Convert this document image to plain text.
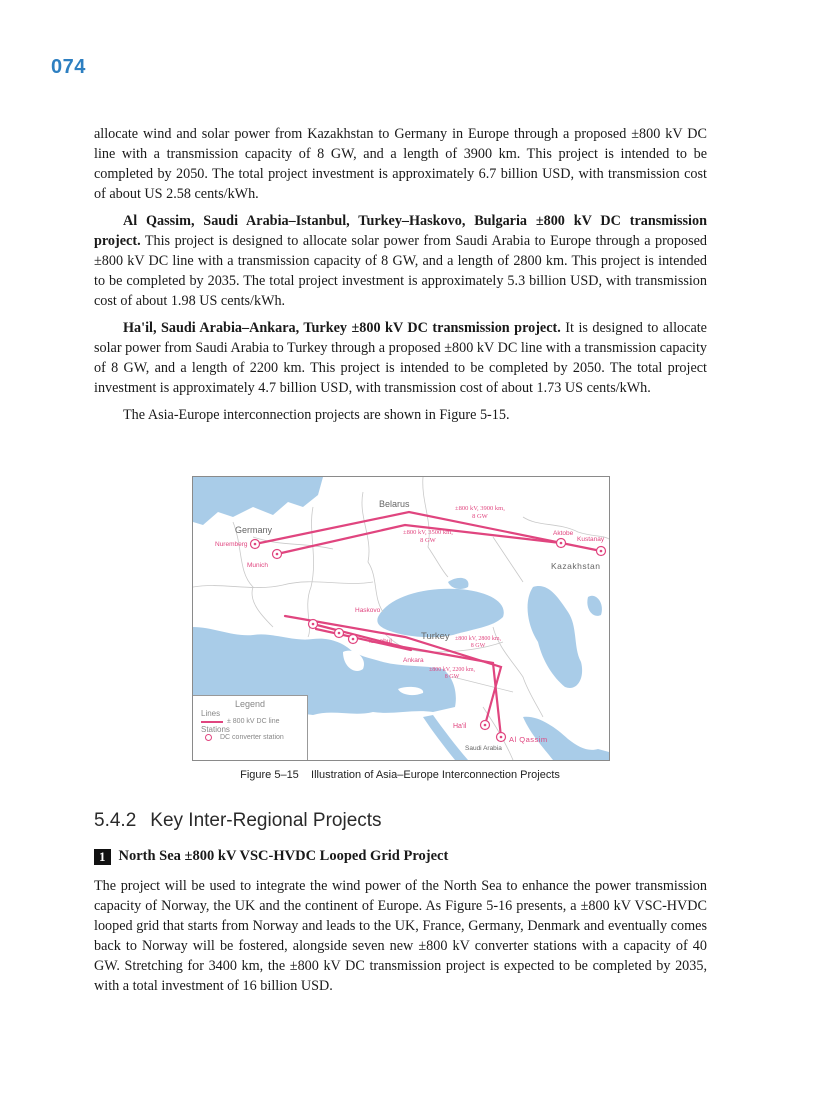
074

allocate wind and solar power from Kazakhstan to Germany in Europe through a proposed ±800 kV DC line with a transmission capacity of 8 GW, and a length of 3900 km. This project is intended to be completed by 2050. The total project investment is approximately 6.7 billion USD, with transmission cost of about US 2.58 cents/kWh.

Al Qassim, Saudi Arabia–Istanbul, Turkey–Haskovo, Bulgaria ±800 kV DC transmission project. This project is designed to allocate solar power from Saudi Arabia to Europe through a proposed ±800 kV DC line with a transmission capacity of 8 GW, and a length of 2800 km. This project is intended to be completed by 2035. The total project investment is approximately 5.3 billion USD, with transmission cost of about 1.98 US cents/kWh.

Ha'il, Saudi Arabia–Ankara, Turkey ±800 kV DC transmission project. It is designed to allocate solar power from Saudi Arabia to Turkey through a proposed ±800 kV DC line with a transmission capacity of 8 GW, and a length of 2200 km. This project is intended to be completed by 2050. The total project investment is approximately 4.7 billion USD, with transmission cost of about 1.73 US cents/kWh.

The Asia-Europe interconnection projects are shown in Figure 5-15.

Germany
Belarus
Kazakhstan
Turkey
Saudi Arabia
Nuremberg
Munich
Aktobe
Kustanay
Haskovo
Istanbul
Ankara
Ha'il
Al Qassim
±800 kV, 3900 km,
8 GW
±800 kV, 3500 km,
8 GW
±800 kV, 2800 km,
8 GW
±800 kV, 2200 km,
8 GW
Legend
Lines
± 800 kV DC line
Stations
DC converter station
Figure 5–15    Illustration of Asia–Europe Interconnection Projects
5.4.2 Key Inter-Regional Projects
1 North Sea ±800 kV VSC-HVDC Looped Grid Project

The project will be used to integrate the wind power of the North Sea to enhance the power transmission capacity of Norway, the UK and the continent of Europe. As Figure 5-16 presents, a ±800 kV VSC-HVDC looped grid that starts from Norway and leads to the UK, France, Germany, Denmark and eventually comes back to Norway will be fostered, alongside seven new ±800 kV converter stations with a capacity of 40 GW. Stretching for 3400 km, the ±800 kV DC transmission project is expected to be completed by 2035, with a total investment of 16 billion USD.
